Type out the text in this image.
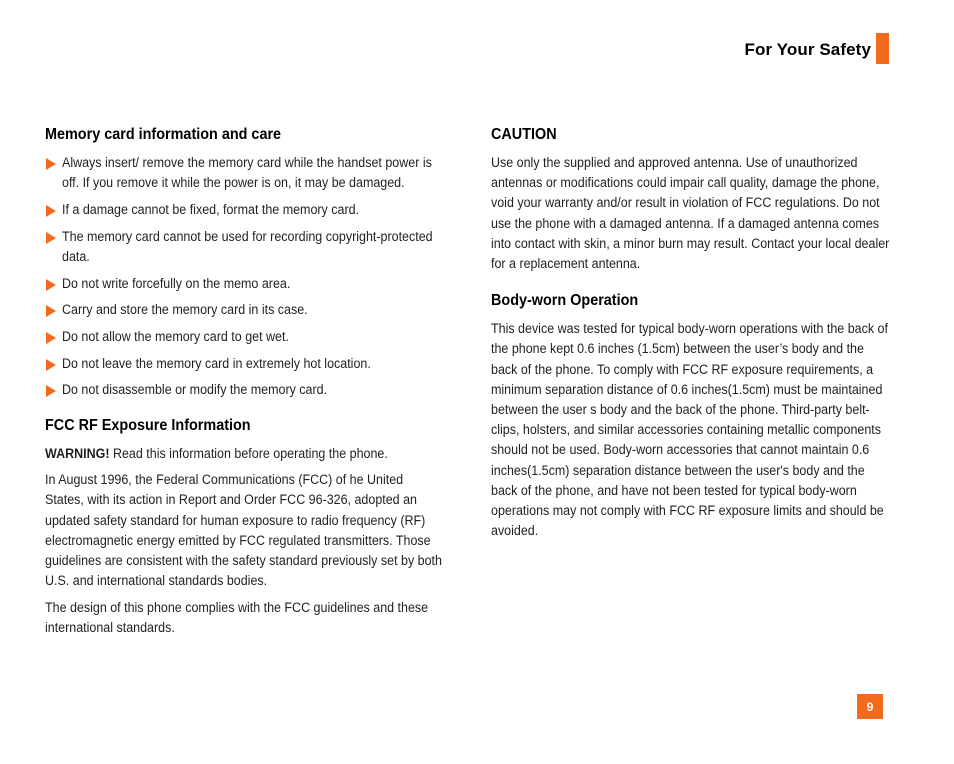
For Your Safety
Memory card information and care
Always insert/ remove the memory card while the handset power is off. If you remove it while the power is on, it may be damaged.
If a damage cannot be fixed, format the memory card.
The memory card cannot be used for recording copyright-protected data.
Do not write forcefully on the memo area.
Carry and store the memory card in its case.
Do not allow the memory card to get wet.
Do not leave the memory card in extremely hot location.
Do not disassemble or modify the memory card.
FCC RF Exposure Information

WARNING! Read this information before operating the phone.

In August 1996, the Federal Communications (FCC) of he United States, with its action in Report and Order FCC 96-326, adopted an updated safety standard for human exposure to radio frequency (RF) electromagnetic energy emitted by FCC regulated transmitters. Those guidelines are consistent with the safety standard previously set by both U.S. and international standards bodies.

The design of this phone complies with the FCC guidelines and these international standards.

CAUTION
Use only the supplied and approved antenna. Use of unauthorized antennas or modifications could impair call quality, damage the phone, void your warranty and/or result in violation of FCC regulations. Do not use the phone with a damaged antenna. If a damaged antenna comes into contact with skin, a minor burn may result. Contact your local dealer for a replacement antenna.
Body-worn Operation
This device was tested for typical body-worn operations with the back of the phone kept 0.6 inches (1.5cm) between the user’s body and the back of the phone. To comply with FCC RF exposure requirements, a minimum separation distance of 0.6 inches(1.5cm) must be maintained between the user s body and the back of the phone. Third-party belt-clips, holsters, and similar accessories containing metallic components should not be used. Body-worn accessories that cannot maintain 0.6 inches(1.5cm) separation distance between the user's body and the back of the phone, and have not been tested for typical body-worn operations may not comply with FCC RF exposure limits and should be avoided.
9
